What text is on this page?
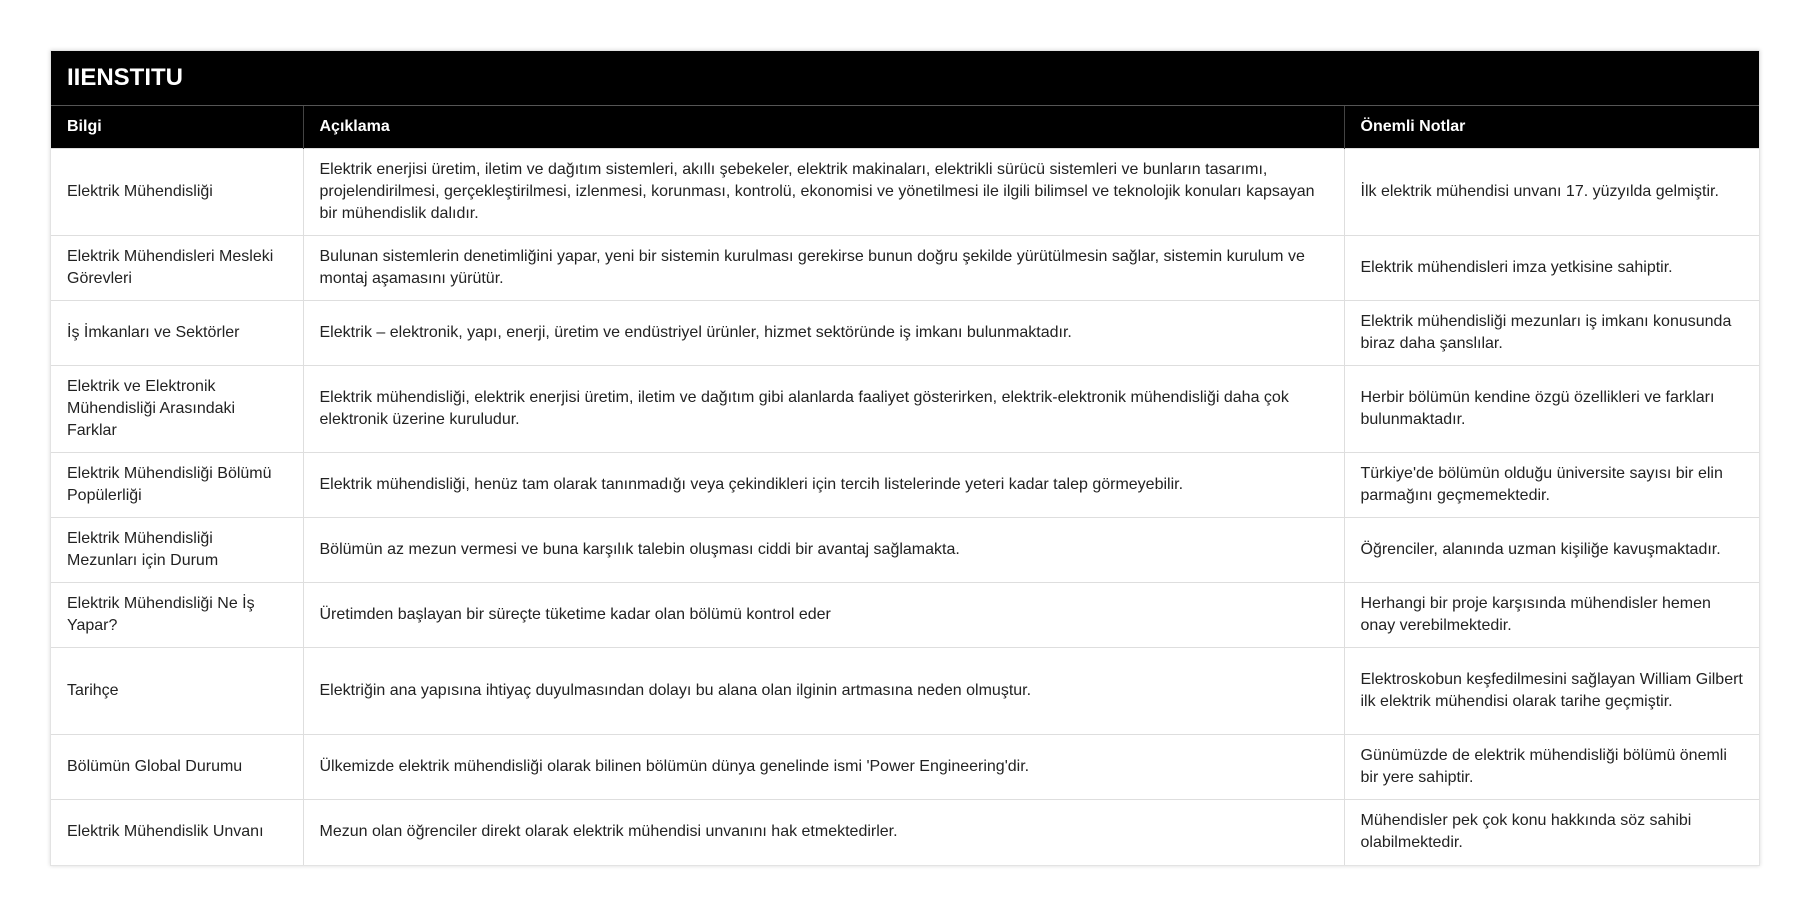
IIENSTITU
Bilgi	Açıklama	Önemli Notlar
Elektrik Mühendisliği	Elektrik enerjisi üretim, iletim ve dağıtım sistemleri, akıllı şebekeler, elektrik makinaları, elektrikli sürücü sistemleri ve bunların tasarımı, projelendirilmesi, gerçekleştirilmesi, izlenmesi, korunması, kontrolü, ekonomisi ve yönetilmesi ile ilgili bilimsel ve teknolojik konuları kapsayan bir mühendislik dalıdır.	İlk elektrik mühendisi unvanı 17. yüzyılda gelmiştir.
Elektrik Mühendisleri Mesleki Görevleri	Bulunan sistemlerin denetimliğini yapar, yeni bir sistemin kurulması gerekirse bunun doğru şekilde yürütülmesin sağlar, sistemin kurulum ve montaj aşamasını yürütür.	Elektrik mühendisleri imza yetkisine sahiptir.
İş İmkanları ve Sektörler	Elektrik – elektronik, yapı, enerji, üretim ve endüstriyel ürünler, hizmet sektöründe iş imkanı bulunmaktadır.	Elektrik mühendisliği mezunları iş imkanı konusunda biraz daha şanslılar.
Elektrik ve Elektronik Mühendisliği Arasındaki Farklar	Elektrik mühendisliği, elektrik enerjisi üretim, iletim ve dağıtım gibi alanlarda faaliyet gösterirken, elektrik-elektronik mühendisliği daha çok elektronik üzerine kuruludur.	Herbir bölümün kendine özgü özellikleri ve farkları bulunmaktadır.
Elektrik Mühendisliği Bölümü Popülerliği	Elektrik mühendisliği, henüz tam olarak tanınmadığı veya çekindikleri için tercih listelerinde yeteri kadar talep görmeyebilir.	Türkiye'de bölümün olduğu üniversite sayısı bir elin parmağını geçmemektedir.
Elektrik Mühendisliği Mezunları için Durum	Bölümün az mezun vermesi ve buna karşılık talebin oluşması ciddi bir avantaj sağlamakta.	Öğrenciler, alanında uzman kişiliğe kavuşmaktadır.
Elektrik Mühendisliği Ne İş Yapar?	Üretimden başlayan bir süreçte tüketime kadar olan bölümü kontrol eder	Herhangi bir proje karşısında mühendisler hemen onay verebilmektedir.
Tarihçe	Elektriğin ana yapısına ihtiyaç duyulmasından dolayı bu alana olan ilginin artmasına neden olmuştur.	Elektroskobun keşfedilmesini sağlayan William Gilbert ilk elektrik mühendisi olarak tarihe geçmiştir.
Bölümün Global Durumu	Ülkemizde elektrik mühendisliği olarak bilinen bölümün dünya genelinde ismi 'Power Engineering'dir.	Günümüzde de elektrik mühendisliği bölümü önemli bir yere sahiptir.
Elektrik Mühendislik Unvanı	Mezun olan öğrenciler direkt olarak elektrik mühendisi unvanını hak etmektedirler.	Mühendisler pek çok konu hakkında söz sahibi olabilmektedir.
